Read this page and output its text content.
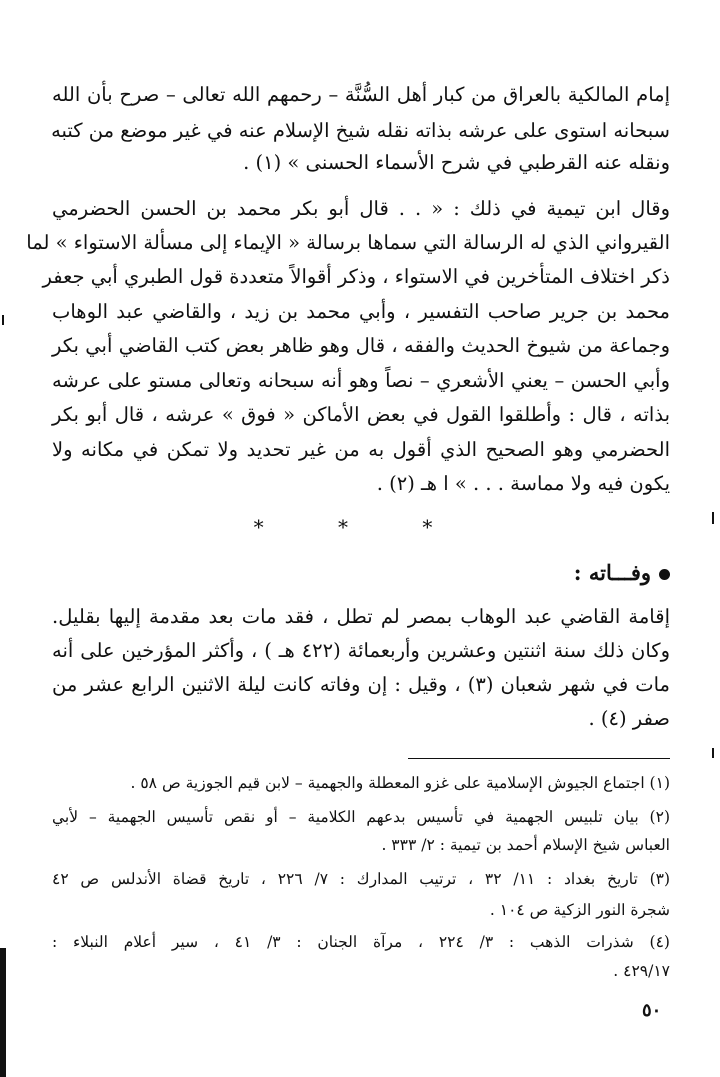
إمام المالكية بالعراق من كبار أهل السُّنَّة – رحمهم الله تعالى – صرح بأن الله
سبحانه استوى على عرشه بذاته نقله شيخ الإسلام عنه في غير موضع من كتبه
ونقله عنه القرطبي في شرح الأسماء الحسنى » (١) .
وقال ابن تيمية في ذلك : « . . قال أبو بكر محمد بن الحسن الحضرمي
القيرواني الذي له الرسالة التي سماها برسالة « الإيماء إلى مسألة الاستواء » لما
ذكر اختلاف المتأخرين في الاستواء ، وذكر أقوالاً متعددة قول الطبري أبي جعفر
محمد بن جرير صاحب التفسير ، وأبي محمد بن زيد ، والقاضي عبد الوهاب
وجماعة من شيوخ الحديث والفقه ، قال وهو ظاهر بعض كتب القاضي أبي بكر
وأبي الحسن – يعني الأشعري – نصاً وهو أنه سبحانه وتعالى مستو على عرشه
بذاته ، قال : وأطلقوا القول في بعض الأماكن « فوق » عرشه ، قال أبو بكر
الحضرمي وهو الصحيح الذي أقول به من غير تحديد ولا تمكن في مكانه ولا
يكون فيه ولا مماسة . . . » ا هـ (٢) .
* * *
وفـــاته :
إقامة القاضي عبد الوهاب بمصر لم تطل ، فقد مات بعد مقدمة إليها بقليل.
وكان ذلك سنة اثنتين وعشرين وأربعمائة (٤٢٢ هـ ) ، وأكثر المؤرخين على أنه
مات في شهر شعبان (٣) ، وقيل : إن وفاته كانت ليلة الاثنين الرابع عشر من
صفر (٤) .
(١) اجتماع الجيوش الإسلامية على غزو المعطلة والجهمية – لابن قيم الجوزية ص ٥٨ .
(٢) بيان تلبيس الجهمية في تأسيس بدعهم الكلامية – أو نقص تأسيس الجهمية – لأبي
العباس شيخ الإسلام أحمد بن تيمية : ٢/ ٣٣٣ .
(٣) تاريخ بغداد : ١١/ ٣٢ ، ترتيب المدارك : ٧/ ٢٢٦ ، تاريخ قضاة الأندلس ص ٤٢
شجرة النور الزكية ص ١٠٤ .
(٤) شذرات الذهب : ٣/ ٢٢٤ ، مرآة الجنان : ٣/ ٤١ ، سير أعلام النبلاء :
٤٢٩/١٧ .
٥٠
